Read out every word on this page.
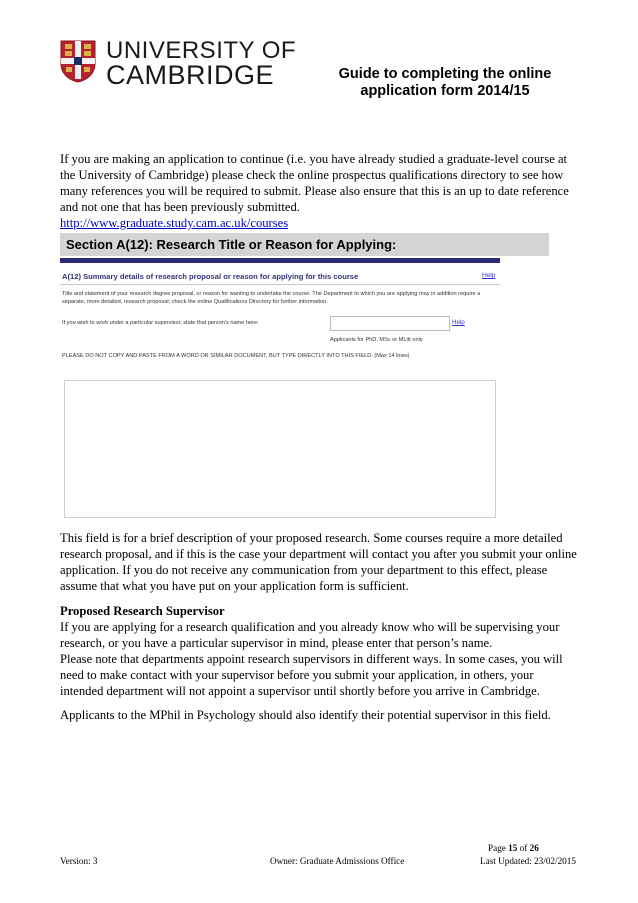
UNIVERSITY OF
CAMBRIDGE	Guide to completing the online
application form 2014/15

If you are making an application to continue (i.e. you have already studied a graduate-level course at the University of Cambridge) please check the online prospectus qualifications directory to see how many references you will be required to submit. Please also ensure that this is an up to date reference and not one that has been previously submitted.

http://www.graduate.study.cam.ac.uk/courses

Section A(12): Research Title or Reason for Applying:
A(12) Summary details of research proposal or reason for applying for this course	Help
Title and statement of your research degree proposal, or reason for wanting to undertake the course. The Department to which you are applying may in addition require a separate, more detailed, research proposal; check the online Qualifications Directory for further information.
If you wish to work under a particular supervisor, state that person's name here:	Help
Applicants for PhD, MSc or MLitt only
PLEASE DO NOT COPY AND PASTE FROM A WORD OR SIMILAR DOCUMENT, BUT TYPE DIRECTLY INTO THIS FIELD. (Max 14 lines)

This field is for a brief description of your proposed research. Some courses require a more detailed research proposal, and if this is the case your department will contact you after you submit your online application. If you do not receive any communication from your department to this effect, please assume that what you have put on your application form is sufficient.

Proposed Research Supervisor

If you are applying for a research qualification and you already know who will be supervising your research, or you have a particular supervisor in mind, please enter that person’s name.

Please note that departments appoint research supervisors in different ways. In some cases, you will need to make contact with your supervisor before you submit your application, in others, your intended department will not appoint a supervisor until shortly before you arrive in Cambridge.

Applicants to the MPhil in Psychology should also identify their potential supervisor in this field.

Page 15 of 26
Version: 3	Owner: Graduate Admissions Office	Last Updated: 23/02/2015
